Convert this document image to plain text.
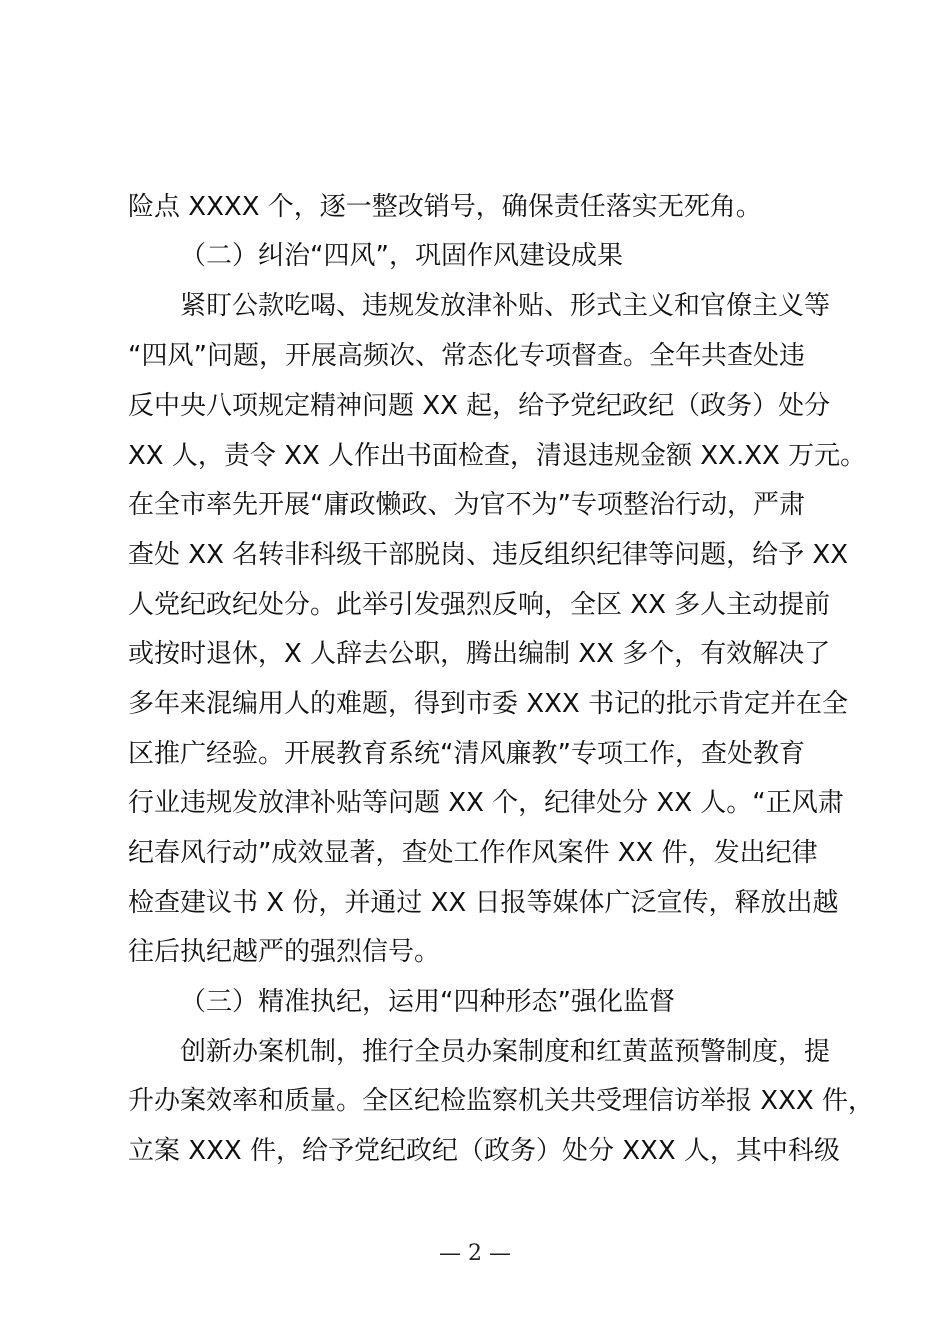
险点 XXXX 个，逐一整改销号，确保责任落实无死角。
（二）纠治“四风”，巩固作风建设成果
紧盯公款吃喝、违规发放津补贴、形式主义和官僚主义等
“四风”问题，开展高频次、常态化专项督查。全年共查处违
反中央八项规定精神问题 XX 起，给予党纪政纪（政务）处分
XX 人，责令 XX 人作出书面检查，清退违规金额 XX.XX 万元。
在全市率先开展“庸政懒政、为官不为”专项整治行动，严肃
查处 XX 名转非科级干部脱岗、违反组织纪律等问题，给予 XX
人党纪政纪处分。此举引发强烈反响，全区 XX 多人主动提前
或按时退休，X 人辞去公职，腾出编制 XX 多个，有效解决了
多年来混编用人的难题，得到市委 XXX 书记的批示肯定并在全
区推广经验。开展教育系统“清风廉教”专项工作，查处教育
行业违规发放津补贴等问题 XX 个，纪律处分 XX 人。“正风肃
纪春风行动”成效显著，查处工作作风案件 XX 件，发出纪律
检查建议书 X 份，并通过 XX 日报等媒体广泛宣传，释放出越
往后执纪越严的强烈信号。
（三）精准执纪，运用“四种形态”强化监督
创新办案机制，推行全员办案制度和红黄蓝预警制度，提
升办案效率和质量。全区纪检监察机关共受理信访举报 XXX 件，
立案 XXX 件，给予党纪政纪（政务）处分 XXX 人，其中科级
— 2 —
